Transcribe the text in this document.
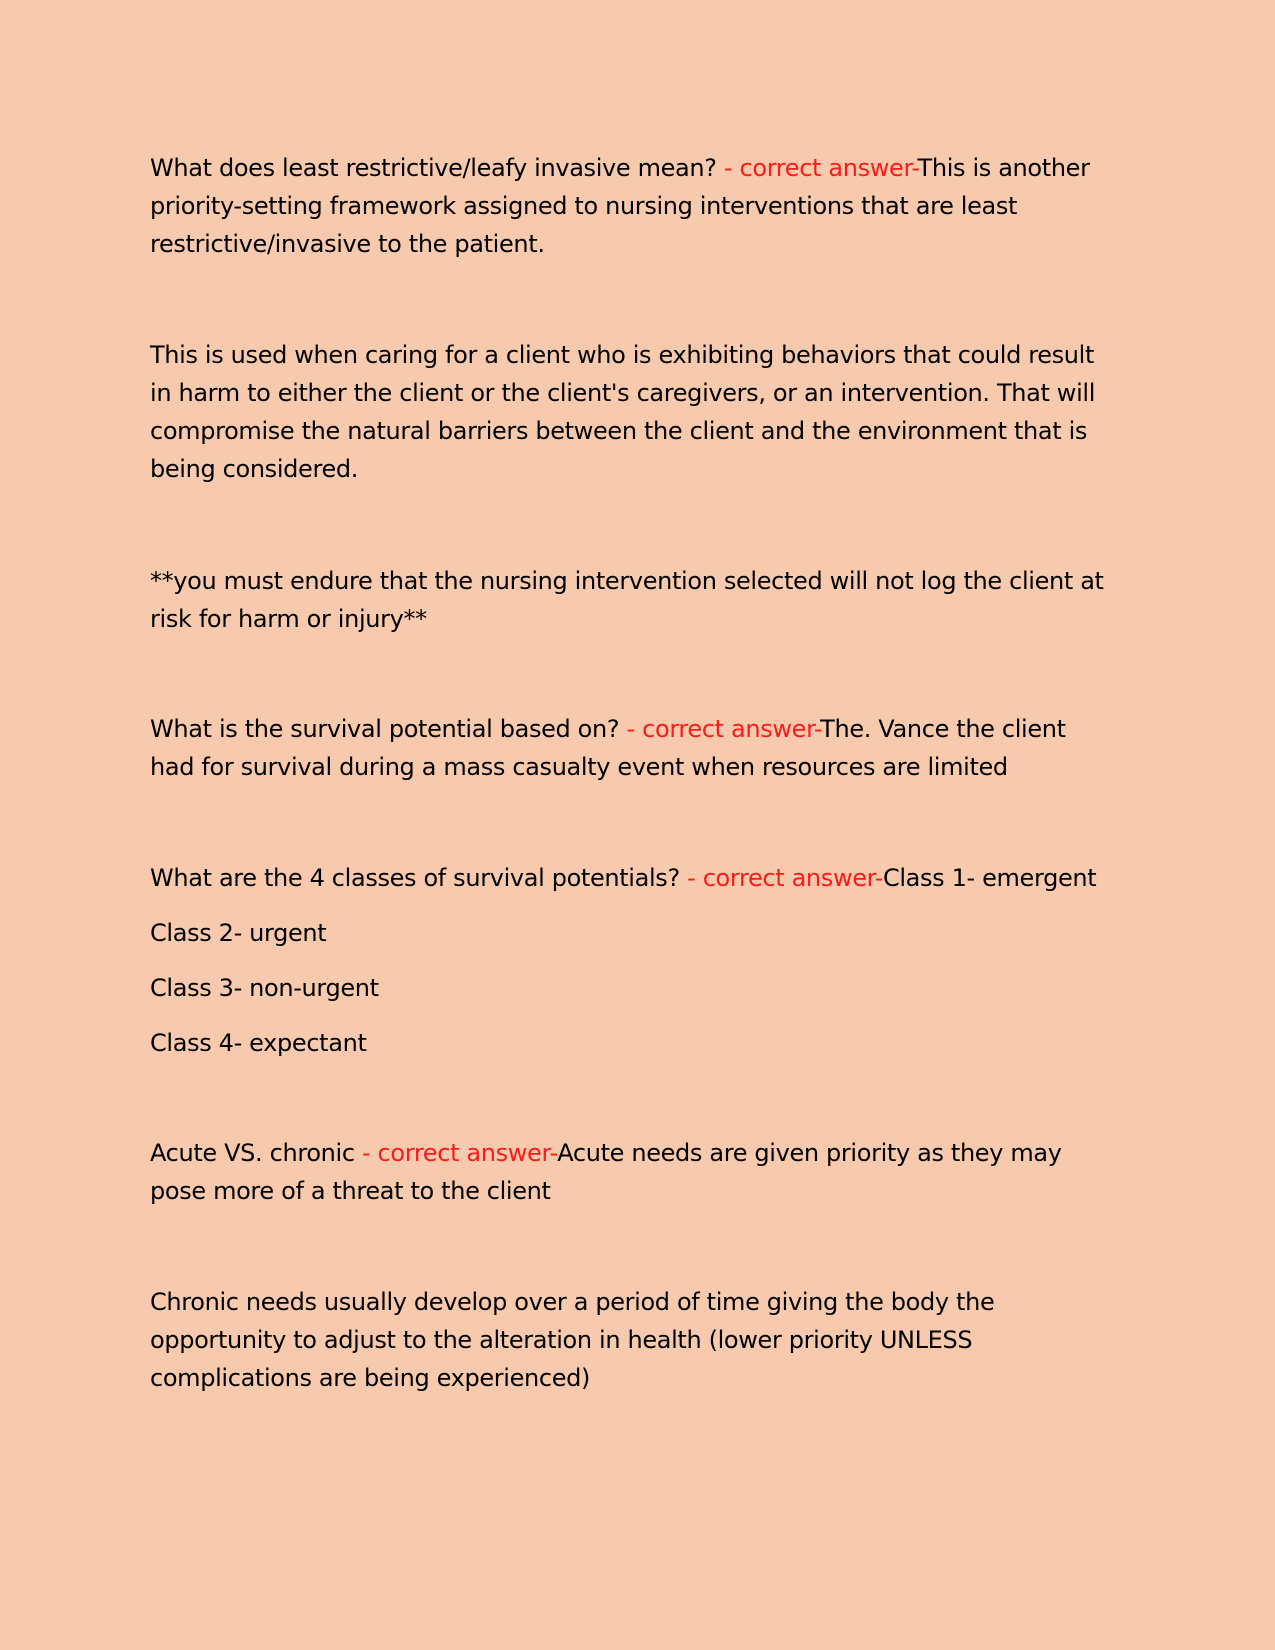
What does least restrictive/leafy invasive mean? - correct answer-This is another
priority-setting framework assigned to nursing interventions that are least
restrictive/invasive to the patient.
This is used when caring for a client who is exhibiting behaviors that could result
in harm to either the client or the client's caregivers, or an intervention. That will
compromise the natural barriers between the client and the environment that is
being considered.
**you must endure that the nursing intervention selected will not log the client at
risk for harm or injury**
What is the survival potential based on? - correct answer-The. Vance the client
had for survival during a mass casualty event when resources are limited
What are the 4 classes of survival potentials? - correct answer-Class 1- emergent
Class 2- urgent
Class 3- non-urgent
Class 4- expectant
Acute VS. chronic - correct answer-Acute needs are given priority as they may
pose more of a threat to the client
Chronic needs usually develop over a period of time giving the body the
opportunity to adjust to the alteration in health (lower priority UNLESS
complications are being experienced)
